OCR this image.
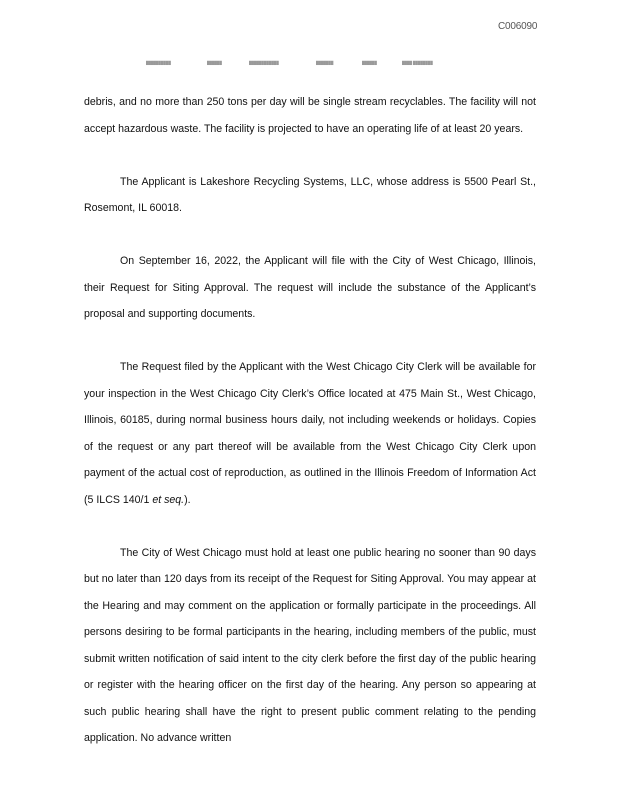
██████████	██████	████████████	███████	██████	████ ████████
C006090

debris, and no more than 250 tons per day will be single stream recyclables. The facility will not accept hazardous waste. The facility is projected to have an operating life of at least 20 years.

The Applicant is Lakeshore Recycling Systems, LLC, whose address is 5500 Pearl St., Rosemont, IL 60018.

On September 16, 2022, the Applicant will file with the City of West Chicago, Illinois, their Request for Siting Approval. The request will include the substance of the Applicant’s proposal and supporting documents.

The Request filed by the Applicant with the West Chicago City Clerk will be available for your inspection in the West Chicago City Clerk’s Office located at 475 Main St., West Chicago, Illinois, 60185, during normal business hours daily, not including weekends or holidays. Copies of the request or any part thereof will be available from the West Chicago City Clerk upon payment of the actual cost of reproduction, as outlined in the Illinois Freedom of Information Act (5 ILCS 140/1 et seq.).

The City of West Chicago must hold at least one public hearing no sooner than 90 days but no later than 120 days from its receipt of the Request for Siting Approval. You may appear at the Hearing and may comment on the application or formally participate in the proceedings. All persons desiring to be formal participants in the hearing, including members of the public, must submit written notification of said intent to the city clerk before the first day of the public hearing or register with the hearing officer on the first day of the hearing. Any person so appearing at such public hearing shall have the right to present public comment relating to the pending application. No advance written
